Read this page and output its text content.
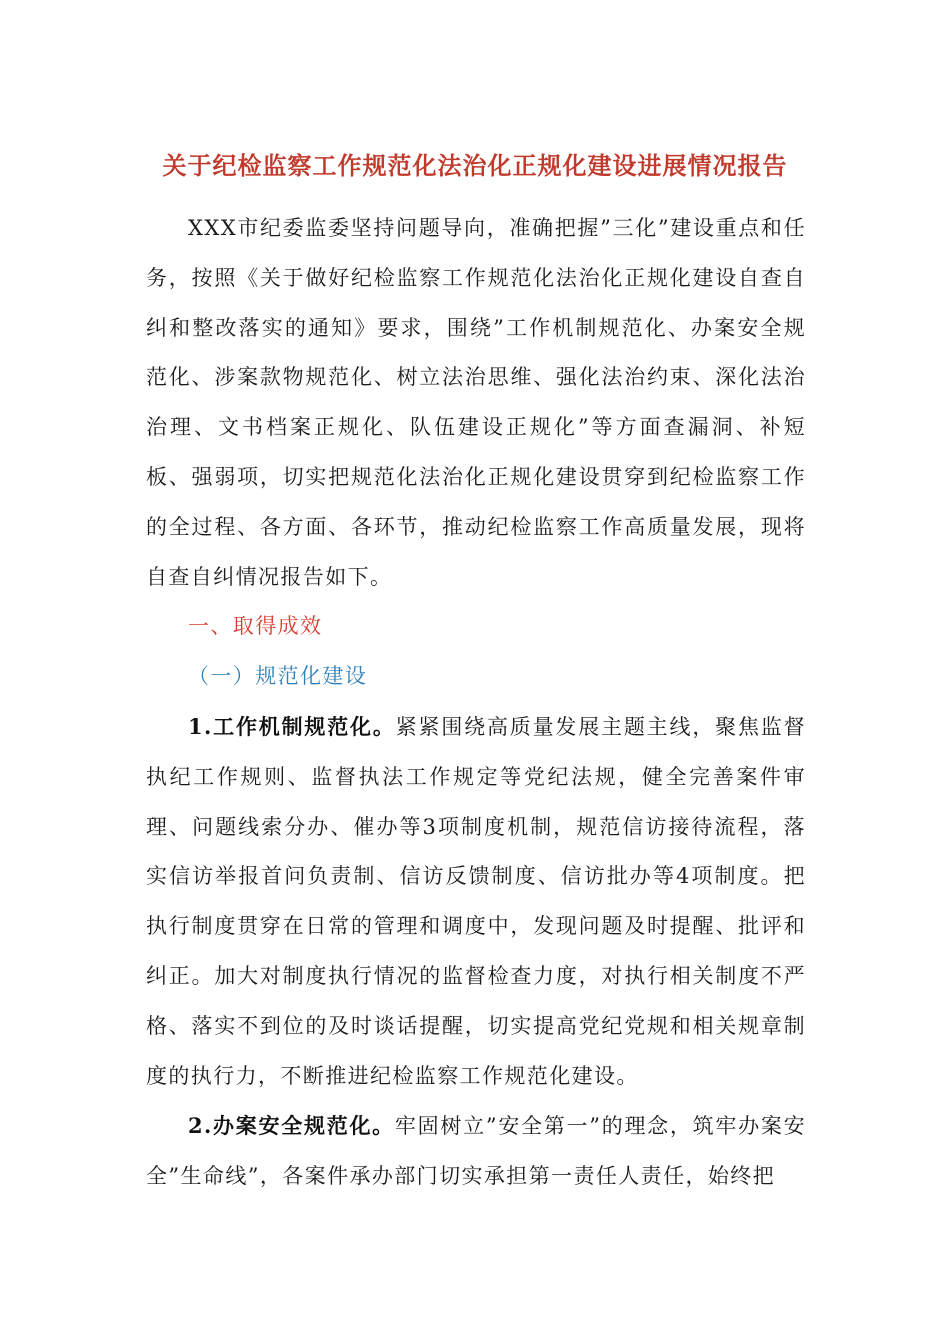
关于纪检监察工作规范化法治化正规化建设进展情况报告

XXX市纪委监委坚持问题导向，准确把握”三化”建设重点和任务，按照《关于做好纪检监察工作规范化法治化正规化建设自查自纠和整改落实的通知》要求，围绕”工作机制规范化、办案安全规范化、涉案款物规范化、树立法治思维、强化法治约束、深化法治治理、文书档案正规化、队伍建设正规化”等方面查漏洞、补短板、强弱项，切实把规范化法治化正规化建设贯穿到纪检监察工作的全过程、各方面、各环节，推动纪检监察工作高质量发展，现将自查自纠情况报告如下。

一、取得成效

（一）规范化建设

1.工作机制规范化。紧紧围绕高质量发展主题主线，聚焦监督执纪工作规则、监督执法工作规定等党纪法规，健全完善案件审理、问题线索分办、催办等3项制度机制，规范信访接待流程，落实信访举报首问负责制、信访反馈制度、信访批办等4项制度。把执行制度贯穿在日常的管理和调度中，发现问题及时提醒、批评和纠正。加大对制度执行情况的监督检查力度，对执行相关制度不严格、落实不到位的及时谈话提醒，切实提高党纪党规和相关规章制度的执行力，不断推进纪检监察工作规范化建设。

2.办案安全规范化。牢固树立”安全第一”的理念，筑牢办案安全”生命线”，各案件承办部门切实承担第一责任人责任，始终把
